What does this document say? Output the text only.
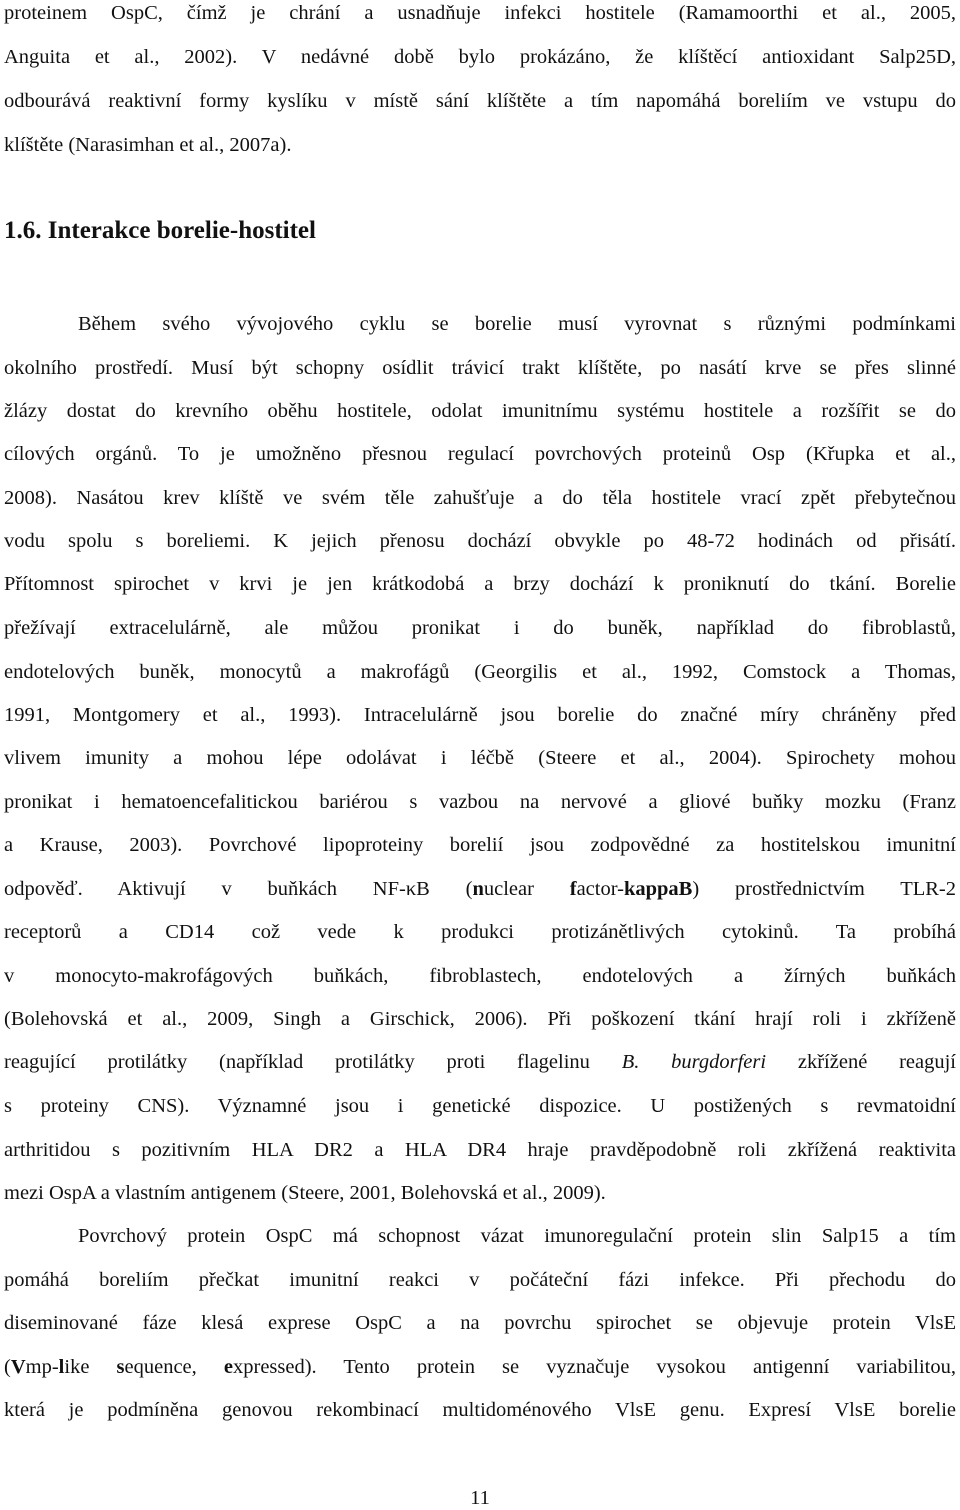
proteinem OspC, čímž je chrání a usnadňuje infekci hostitele (Ramamoorthi et al., 2005,
Anguita et al., 2002). V nedávné době bylo prokázáno, že klíštěcí antioxidant Salp25D,
odbourává reaktivní formy kyslíku v místě sání klíštěte a tím napomáhá boreliím ve vstupu do
klíštěte (Narasimhan et al., 2007a).
1.6. Interakce borelie-hostitel
Během svého vývojového cyklu se borelie musí vyrovnat s různými podmínkami
okolního prostředí. Musí být schopny osídlit trávicí trakt klíštěte, po nasátí krve se přes slinné
žlázy dostat do krevního oběhu hostitele, odolat imunitnímu systému hostitele a rozšířit se do
cílových orgánů. To je umožněno přesnou regulací povrchových proteinů Osp (Křupka et al.,
2008). Nasátou krev klíště ve svém těle zahušťuje a do těla hostitele vrací zpět přebytečnou
vodu spolu s boreliemi. K jejich přenosu dochází obvykle po 48-72 hodinách od přisátí.
Přítomnost spirochet v krvi je jen krátkodobá a brzy dochází k proniknutí do tkání. Borelie
přežívají extracelulárně, ale můžou pronikat i do buněk, například do fibroblastů,
endotelových buněk, monocytů a makrofágů (Georgilis et al., 1992, Comstock a Thomas,
1991, Montgomery et al., 1993). Intracelulárně jsou borelie do značné míry chráněny před
vlivem imunity a mohou lépe odolávat i léčbě (Steere et al., 2004). Spirochety mohou
pronikat i hematoencefalitickou bariérou s vazbou na nervové a gliové buňky mozku (Franz
a Krause, 2003). Povrchové lipoproteiny borelií jsou zodpovědné za hostitelskou imunitní
odpověď. Aktivují v buňkách NF-κB (nuclear factor-kappaB) prostřednictvím TLR-2
receptorů a CD14 což vede k produkci protizánětlivých cytokinů. Ta probíhá
v monocyto-makrofágových buňkách, fibroblastech, endotelových a žírných buňkách
(Bolehovská et al., 2009, Singh a Girschick, 2006). Při poškození tkání hrají roli i zkříženě
reagující protilátky (například protilátky proti flagelinu B. burgdorferi zkřížené reagují
s proteiny CNS). Významné jsou i genetické dispozice. U postižených s revmatoidní
arthritidou s pozitivním HLA DR2 a HLA DR4 hraje pravděpodobně roli zkřížená reaktivita
mezi OspA a vlastním antigenem (Steere, 2001, Bolehovská et al., 2009).
Povrchový protein OspC má schopnost vázat imunoregulační protein slin Salp15 a tím
pomáhá boreliím přečkat imunitní reakci v počáteční fázi infekce. Při přechodu do
diseminované fáze klesá exprese OspC a na povrchu spirochet se objevuje protein VlsE
(Vmp-like sequence, expressed). Tento protein se vyznačuje vysokou antigenní variabilitou,
která je podmíněna genovou rekombinací multidoménového VlsE genu. Expresí VlsE borelie
11
